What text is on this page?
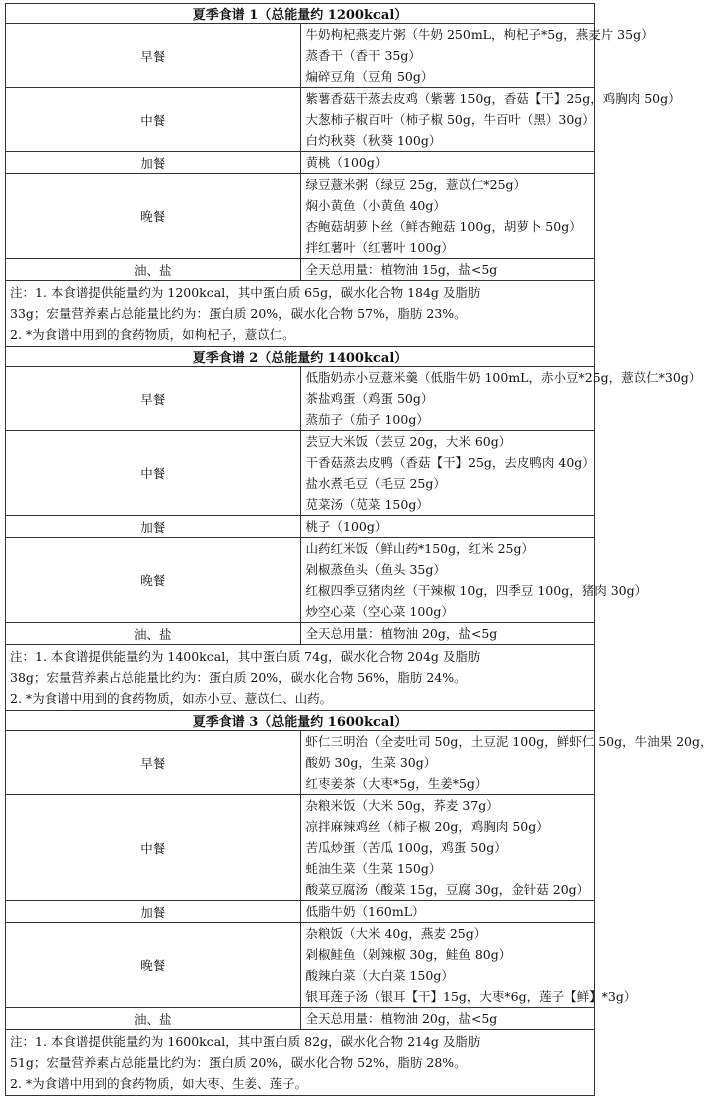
夏季食谱 1（总能量约 1200kcal）	
早餐	牛奶枸杞燕麦片粥（牛奶 250mL，枸杞子*5g，燕麦片 35g）
蒸香干（香干 35g）
煸碎豆角（豆角 50g）

中餐	紫薯香菇干蒸去皮鸡（紫薯 150g，香菇【干】25g，鸡胸肉 50g）
大葱柿子椒百叶（柿子椒 50g，牛百叶（黑）30g）
白灼秋葵（秋葵 100g）

加餐	黄桃（100g）

晚餐	绿豆薏米粥（绿豆 25g，薏苡仁*25g）
焖小黄鱼（小黄鱼 40g）
杏鲍菇胡萝卜丝（鲜杏鲍菇 100g，胡萝卜 50g）
拌红薯叶（红薯叶 100g）

油、盐	全天总用量：植物油 15g，盐<5g

注：1. 本食谱提供能量约为 1200kcal，其中蛋白质 65g，碳水化合物 184g 及脂肪
33g；宏量营养素占总能量比约为：蛋白质 20%，碳水化合物 57%，脂肪 23%。
2. *为食谱中用到的食药物质，如枸杞子，薏苡仁。	

夏季食谱 2（总能量约 1400kcal）	
早餐	低脂奶赤小豆薏米羹（低脂牛奶 100mL，赤小豆*25g，薏苡仁*30g）
茶盐鸡蛋（鸡蛋 50g）
蒸茄子（茄子 100g）

中餐	芸豆大米饭（芸豆 20g，大米 60g）
干香菇蒸去皮鸭（香菇【干】25g，去皮鸭肉 40g）
盐水煮毛豆（毛豆 25g）
苋菜汤（苋菜 150g）

加餐	桃子（100g）

晚餐	山药红米饭（鲜山药*150g，红米 25g）
剁椒蒸鱼头（鱼头 35g）
红椒四季豆猪肉丝（干辣椒 10g，四季豆 100g，猪肉 30g）
炒空心菜（空心菜 100g）

油、盐	全天总用量：植物油 20g，盐<5g

注：1. 本食谱提供能量约为 1400kcal，其中蛋白质 74g，碳水化合物 204g 及脂肪
38g；宏量营养素占总能量比约为：蛋白质 20%，碳水化合物 56%，脂肪 24%。
2. *为食谱中用到的食药物质，如赤小豆、薏苡仁、山药。	

夏季食谱 3（总能量约 1600kcal）	
早餐	虾仁三明治（全麦吐司 50g，土豆泥 100g，鲜虾仁 50g，牛油果 20g，
酸奶 30g，生菜 30g）
红枣姜茶（大枣*5g，生姜*5g）

中餐	杂粮米饭（大米 50g，荞麦 37g）
凉拌麻辣鸡丝（柿子椒 20g，鸡胸肉 50g）
苦瓜炒蛋（苦瓜 100g，鸡蛋 50g）
蚝油生菜（生菜 150g）
酸菜豆腐汤（酸菜 15g，豆腐 30g，金针菇 20g）

加餐	低脂牛奶（160mL）

晚餐	杂粮饭（大米 40g，燕麦 25g）
剁椒鲑鱼（剁辣椒 30g，鲑鱼 80g）
酸辣白菜（大白菜 150g）
银耳莲子汤（银耳【干】15g，大枣*6g，莲子【鲜】*3g）

油、盐	全天总用量：植物油 20g，盐<5g

注：1. 本食谱提供能量约为 1600kcal，其中蛋白质 82g，碳水化合物 214g 及脂肪
51g；宏量营养素占总能量比约为：蛋白质 20%，碳水化合物 52%，脂肪 28%。
2. *为食谱中用到的食药物质，如大枣、生姜、莲子。	
